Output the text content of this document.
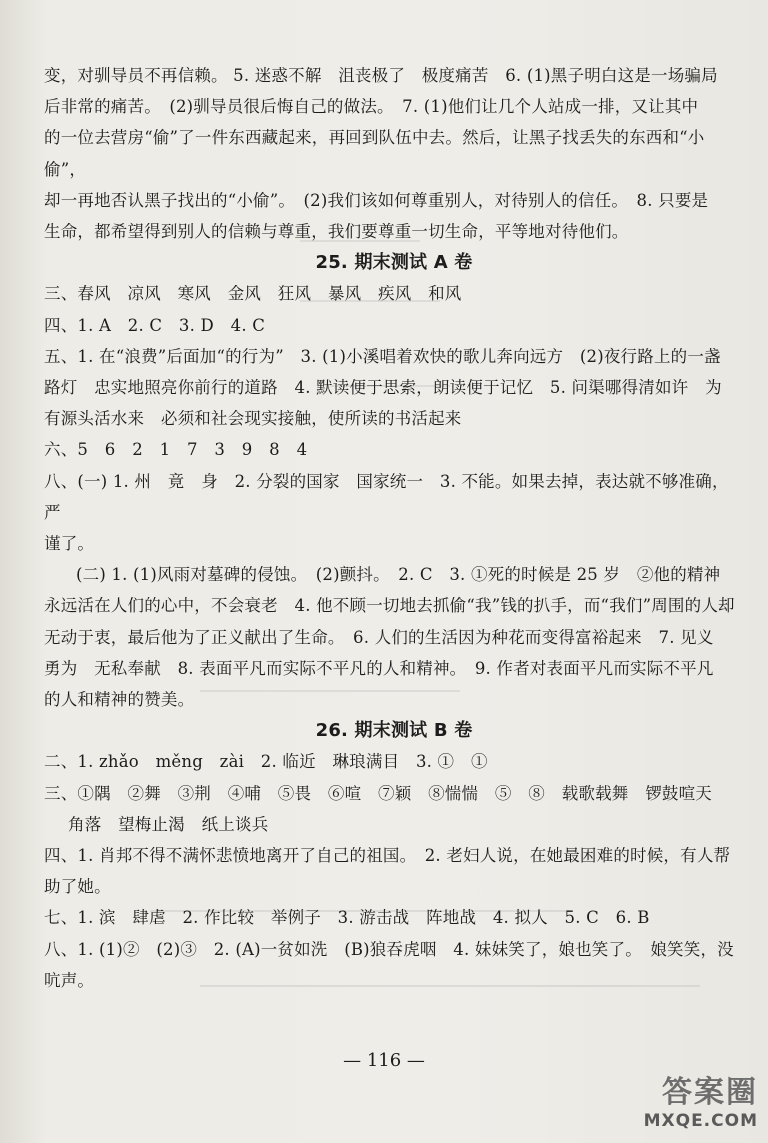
变，对驯导员不再信赖。 5. 迷惑不解　沮丧极了　极度痛苦　6. (1)黑子明白这是一场骗局

后非常的痛苦。　(2)驯导员很后悔自己的做法。　7. (1)他们让几个人站成一排，又让其中

的一位去营房“偷”了一件东西藏起来，再回到队伍中去。然后，让黑子找丢失的东西和“小偷”，

却一再地否认黑子找出的“小偷”。　(2)我们该如何尊重别人，对待别人的信任。　8. 只要是

生命，都希望得到别人的信赖与尊重，我们要尊重一切生命，平等地对待他们。

25. 期末测试 A 卷

三、春风　凉风　寒风　金风　狂风　暴风　疾风　和风

四、1. A　2. C　3. D　4. C

五、1. 在“浪费”后面加“的行为”　3. (1)小溪唱着欢快的歌儿奔向远方　(2)夜行路上的一盏

路灯　忠实地照亮你前行的道路　4. 默读便于思索，朗读便于记忆　5. 问渠哪得清如许　为

有源头活水来　必须和社会现实接触，使所读的书活起来

六、5　6　2　1　7　3　9　8　4

八、(一) 1. 州　竟　身　2. 分裂的国家　国家统一　3. 不能。如果去掉，表达就不够准确，严

谨了。

(二) 1. (1)风雨对墓碑的侵蚀。　(2)颤抖。　2. C　3. ①死的时候是 25 岁　②他的精神

永远活在人们的心中，不会衰老　4. 他不顾一切地去抓偷“我”钱的扒手，而“我们”周围的人却

无动于衷，最后他为了正义献出了生命。　6. 人们的生活因为种花而变得富裕起来　7. 见义

勇为　无私奉献　8. 表面平凡而实际不平凡的人和精神。　9. 作者对表面平凡而实际不平凡

的人和精神的赞美。

26. 期末测试 B 卷

二、1. zhǎo　měng　zài　2. 临近　琳琅满目　3. ①　①

三、①隅　②舞　③荆　④哺　⑤畏　⑥喧　⑦颖　⑧惴惴　⑤　⑧　载歌载舞　锣鼓喧天

角落　望梅止渴　纸上谈兵

四、1. 肖邦不得不满怀悲愤地离开了自己的祖国。　2. 老妇人说，在她最困难的时候，有人帮

助了她。

七、1. 滨　肆虐　2. 作比较　举例子　3. 游击战　阵地战　4. 拟人　5. C　6. B

八、1. (1)②　(2)③　2. (A)一贫如洗　(B)狼吞虎咽　4. 妹妹笑了，娘也笑了。　娘笑笑，没

吭声。

— 116 —
答案圈
MXQE.COM
